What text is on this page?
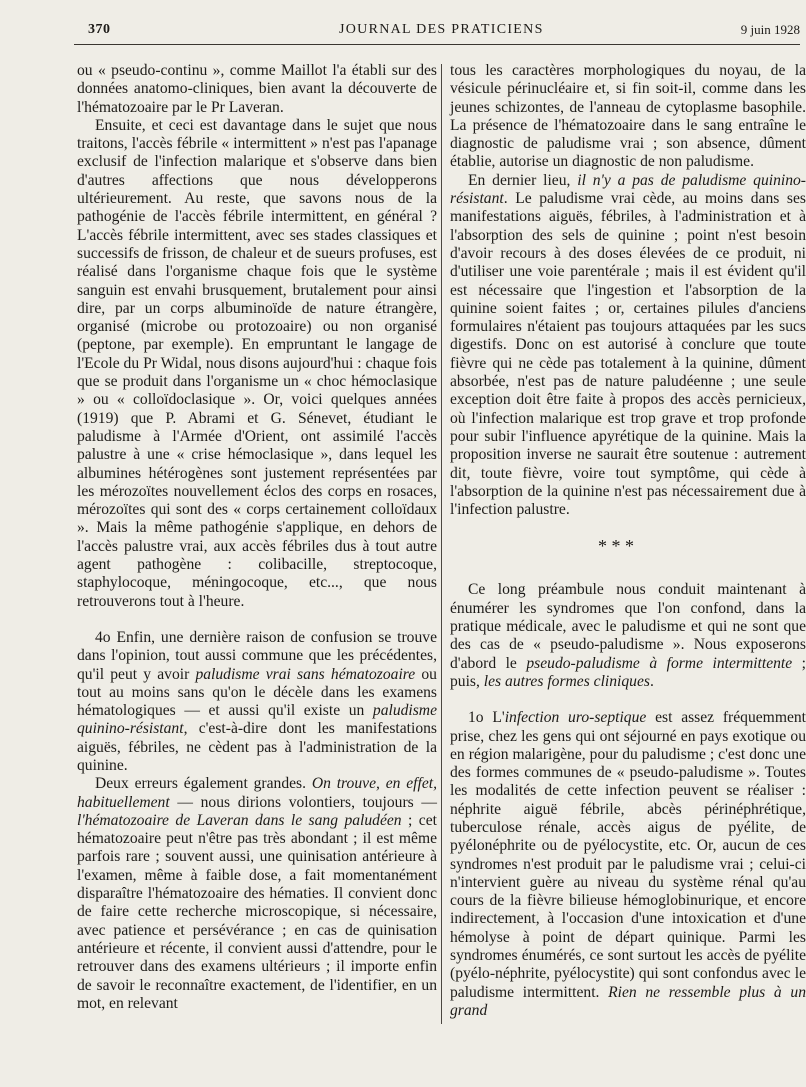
370	JOURNAL DES PRATICIENS	9 juin 1928

ou « pseudo-continu », comme Maillot l'a établi sur des données anatomo-cliniques, bien avant la découverte de l'hématozoaire par le Pr Laveran.

Ensuite, et ceci est davantage dans le sujet que nous traitons, l'accès fébrile « intermittent » n'est pas l'apanage exclusif de l'infection malarique et s'observe dans bien d'autres affections que nous développerons ultérieurement. Au reste, que savons nous de la pathogénie de l'accès fébrile intermittent, en général ? L'accès fébrile intermittent, avec ses stades classiques et successifs de frisson, de chaleur et de sueurs profuses, est réalisé dans l'organisme chaque fois que le système sanguin est envahi brusquement, brutalement pour ainsi dire, par un corps albuminoïde de nature étrangère, organisé (microbe ou protozoaire) ou non organisé (peptone, par exemple). En empruntant le langage de l'Ecole du Pr Widal, nous disons aujourd'hui : chaque fois que se produit dans l'organisme un « choc hémoclasique » ou « colloïdoclasique ». Or, voici quelques années (1919) que P. Abrami et G. Sénevet, étudiant le paludisme à l'Armée d'Orient, ont assimilé l'accès palustre à une « crise hémoclasique », dans lequel les albumines hétérogènes sont justement représentées par les mérozoïtes nouvellement éclos des corps en rosaces, mérozoïtes qui sont des « corps certainement colloïdaux ». Mais la même pathogénie s'applique, en dehors de l'accès palustre vrai, aux accès fébriles dus à tout autre agent pathogène : colibacille, streptocoque, staphylocoque, méningocoque, etc..., que nous retrouverons tout à l'heure.

4o Enfin, une dernière raison de confusion se trouve dans l'opinion, tout aussi commune que les précédentes, qu'il peut y avoir paludisme vrai sans hématozoaire ou tout au moins sans qu'on le décèle dans les examens hématologiques — et aussi qu'il existe un paludisme quinino-résistant, c'est-à-dire dont les manifestations aiguës, fébriles, ne cèdent pas à l'administration de la quinine.

Deux erreurs également grandes. On trouve, en effet, habituellement — nous dirions volontiers, toujours — l'hématozoaire de Laveran dans le sang paludéen ; cet hématozoaire peut n'être pas très abondant ; il est même parfois rare ; souvent aussi, une quinisation antérieure à l'examen, même à faible dose, a fait momentanément disparaître l'hématozoaire des hématies. Il convient donc de faire cette recherche microscopique, si nécessaire, avec patience et persévérance ; en cas de quinisation antérieure et récente, il convient aussi d'attendre, pour le retrouver dans des examens ultérieurs ; il importe enfin de savoir le reconnaître exactement, de l'identifier, en un mot, en relevant

tous les caractères morphologiques du noyau, de la vésicule périnucléaire et, si fin soit-il, comme dans les jeunes schizontes, de l'anneau de cytoplasme basophile. La présence de l'hématozoaire dans le sang entraîne le diagnostic de paludisme vrai ; son absence, dûment établie, autorise un diagnostic de non paludisme.

En dernier lieu, il n'y a pas de paludisme quinino-résistant. Le paludisme vrai cède, au moins dans ses manifestations aiguës, fébriles, à l'administration et à l'absorption des sels de quinine ; point n'est besoin d'avoir recours à des doses élevées de ce produit, ni d'utiliser une voie parentérale ; mais il est évident qu'il est nécessaire que l'ingestion et l'absorption de la quinine soient faites ; or, certaines pilules d'anciens formulaires n'étaient pas toujours attaquées par les sucs digestifs. Donc on est autorisé à conclure que toute fièvre qui ne cède pas totalement à la quinine, dûment absorbée, n'est pas de nature paludéenne ; une seule exception doit être faite à propos des accès pernicieux, où l'infection malarique est trop grave et trop profonde pour subir l'influence apyrétique de la quinine. Mais la proposition inverse ne saurait être soutenue : autrement dit, toute fièvre, voire tout symptôme, qui cède à l'absorption de la quinine n'est pas nécessairement due à l'infection palustre.

Ce long préambule nous conduit maintenant à énumérer les syndromes que l'on confond, dans la pratique médicale, avec le paludisme et qui ne sont que des cas de « pseudo-paludisme ». Nous exposerons d'abord le pseudo-paludisme à forme intermittente ; puis, les autres formes cliniques.

1o L'infection uro-septique est assez fréquemment prise, chez les gens qui ont séjourné en pays exotique ou en région malarigène, pour du paludisme ; c'est donc une des formes communes de « pseudo-paludisme ». Toutes les modalités de cette infection peuvent se réaliser : néphrite aiguë fébrile, abcès périnéphrétique, tuberculose rénale, accès aigus de pyélite, de pyélonéphrite ou de pyélocystite, etc. Or, aucun de ces syndromes n'est produit par le paludisme vrai ; celui-ci n'intervient guère au niveau du système rénal qu'au cours de la fièvre bilieuse hémoglobinurique, et encore indirectement, à l'occasion d'une intoxication et d'une hémolyse à point de départ quinique. Parmi les syndromes énumérés, ce sont surtout les accès de pyélite (pyélo-néphrite, pyélocystite) qui sont confondus avec le paludisme intermittent. Rien ne ressemble plus à un grand

* * *
